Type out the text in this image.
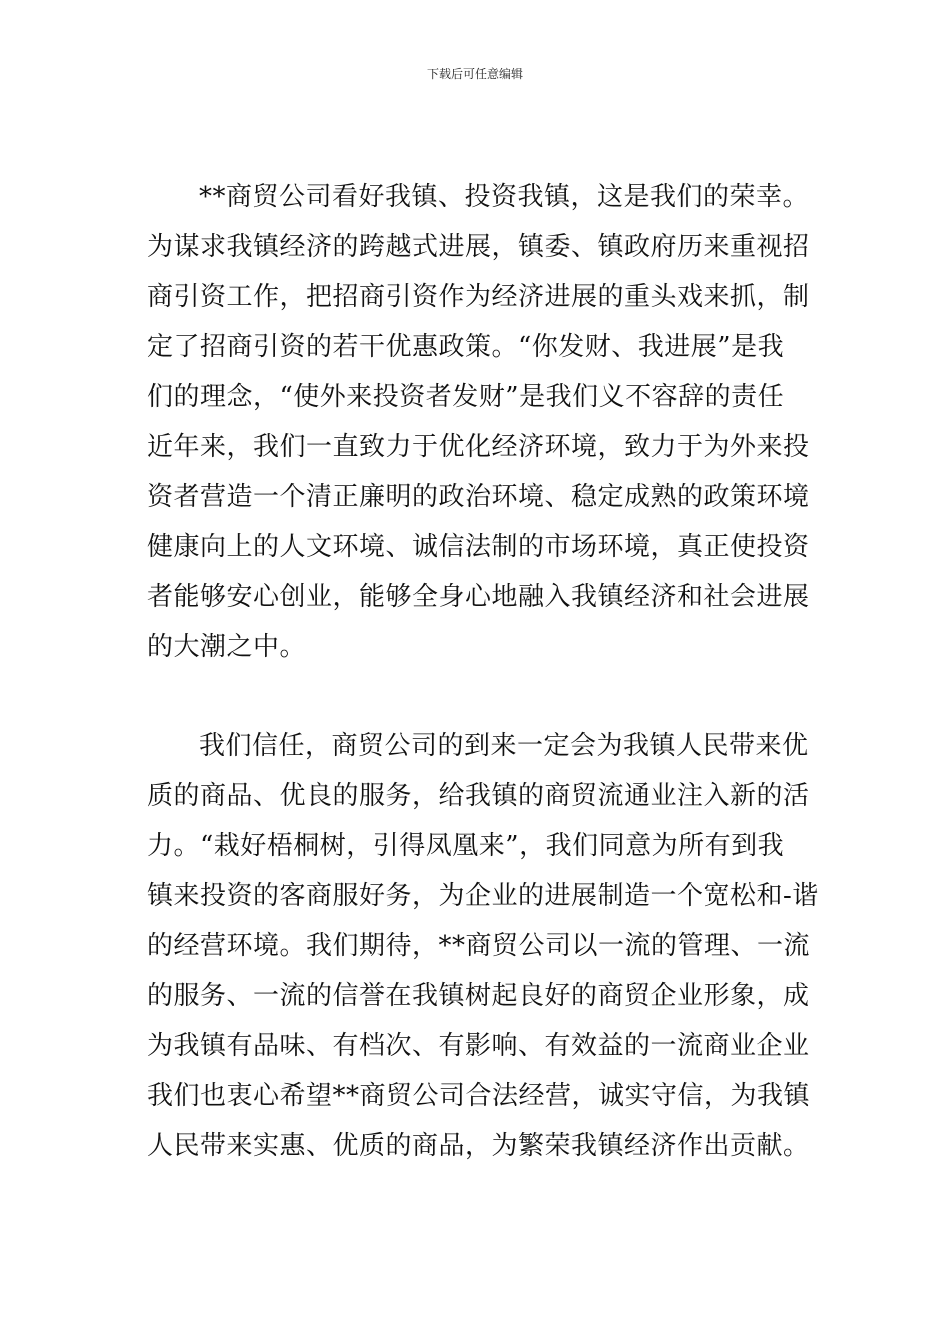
下载后可任意编辑
**商贸公司看好我镇、投资我镇，这是我们的荣幸。
为谋求我镇经济的跨越式进展，镇委、镇政府历来重视招
商引资工作，把招商引资作为经济进展的重头戏来抓，制
定了招商引资的若干优惠政策。“你发财、我进展”是我
们的理念，“使外来投资者发财”是我们义不容辞的责任
近年来，我们一直致力于优化经济环境，致力于为外来投
资者营造一个清正廉明的政治环境、稳定成熟的政策环境
健康向上的人文环境、诚信法制的市场环境，真正使投资
者能够安心创业，能够全身心地融入我镇经济和社会进展
的大潮之中。
我们信任，商贸公司的到来一定会为我镇人民带来优
质的商品、优良的服务，给我镇的商贸流通业注入新的活
力。“栽好梧桐树，引得凤凰来”，我们同意为所有到我
镇来投资的客商服好务，为企业的进展制造一个宽松和-谐
的经营环境。我们期待，**商贸公司以一流的管理、一流
的服务、一流的信誉在我镇树起良好的商贸企业形象，成
为我镇有品味、有档次、有影响、有效益的一流商业企业
我们也衷心希望**商贸公司合法经营，诚实守信，为我镇
人民带来实惠、优质的商品，为繁荣我镇经济作出贡献。
